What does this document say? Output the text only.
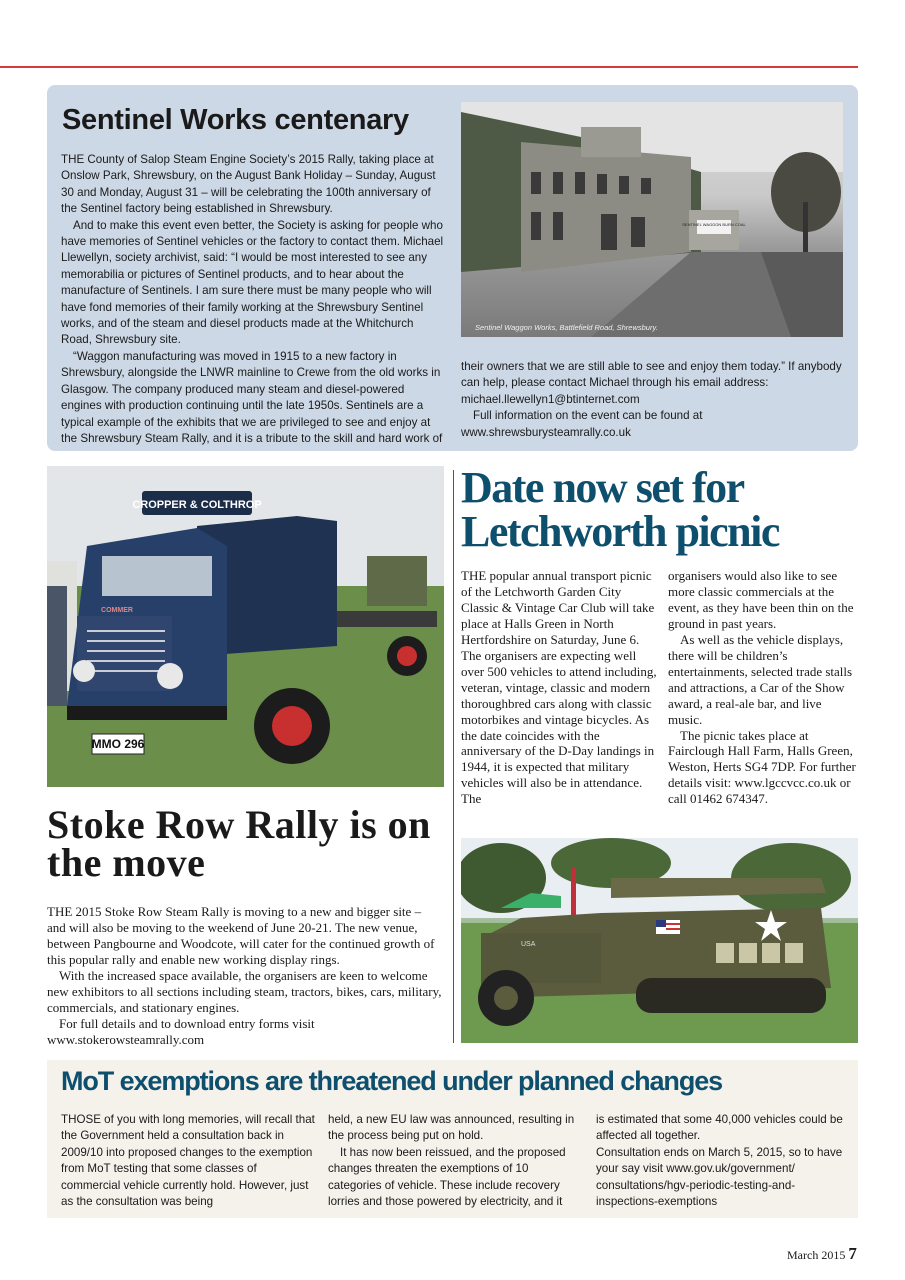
Sentinel Works centenary

THE County of Salop Steam Engine Society’s 2015 Rally, taking place at Onslow Park, Shrewsbury, on the August Bank Holiday – Sunday, August 30 and Monday, August 31 – will be celebrating the 100th anniversary of the Sentinel factory being established in Shrewsbury.

And to make this event even better, the Society is asking for people who have memories of Sentinel vehicles or the factory to contact them. Michael Llewellyn, society archivist, said: “I would be most interested to see any memorabilia or pictures of Sentinel products, and to hear about the manufacture of Sentinels. I am sure there must be many people who will have fond memories of their family working at the Shrewsbury Sentinel works, and of the steam and diesel products made at the Whitchurch Road, Shrewsbury site.

“Waggon manufacturing was moved in 1915 to a new factory in Shrewsbury, alongside the LNWR mainline to Crewe from the old works in Glasgow. The company produced many steam and diesel-powered engines with production continuing until the late 1950s. Sentinels are a typical example of the exhibits that we are privileged to see and enjoy at the Shrewsbury Steam Rally, and it is a tribute to the skill and hard work of

SENTINEL WAGGON BURN COAL
Sentinel Waggon Works, Battlefield Road, Shrewsbury.

their owners that we are still able to see and enjoy them today.” If anybody can help, please contact Michael through his email address: michael.llewellyn1@btinternet.com

Full information on the event can be found at www.shrewsburysteamrally.co.uk

CROPPER & COLTHROP
COMMER
MMO 296
Date now set for Letchworth picnic

THE popular annual transport picnic of the Letchworth Garden City Classic & Vintage Car Club will take place at Halls Green in North Hertfordshire on Saturday, June 6. The organisers are expecting well over 500 vehicles to attend including, veteran, vintage, classic and modern thoroughbred cars along with classic motorbikes and vintage bicycles. As the date coincides with the anniversary of the D-Day landings in 1944, it is expected that military vehicles will also be in attendance. The

organisers would also like to see more classic commercials at the event, as they have been thin on the ground in past years.

As well as the vehicle displays, there will be children’s entertainments, selected trade stalls and attractions, a Car of the Show award, a real-ale bar, and live music.

The picnic takes place at Fairclough Hall Farm, Halls Green, Weston, Herts SG4 7DP. For further details visit: www.lgccvcc.co.uk or call 01462 674347.

Stoke Row Rally is on the move

THE 2015 Stoke Row Steam Rally is moving to a new and bigger site – and will also be moving to the weekend of June 20-21. The new venue, between Pangbourne and Woodcote, will cater for the continued growth of this popular rally and enable new working display rings.

With the increased space available, the organisers are keen to welcome new exhibitors to all sections including steam, tractors, bikes, cars, military, commercials, and stationary engines.

For full details and to download entry forms visit www.stokerowsteamrally.com

USA
MoT exemptions are threatened under planned changes

THOSE of you with long memories, will recall that the Government held a consultation back in 2009/10 into proposed changes to the exemption from MoT testing that some classes of commercial vehicle currently hold. However, just as the consultation was being

held, a new EU law was announced, resulting in the process being put on hold.

It has now been reissued, and the proposed changes threaten the exemptions of 10 categories of vehicle. These include recovery lorries and those powered by electricity, and it

is estimated that some 40,000 vehicles could be affected all together.

Consultation ends on March 5, 2015, so to have your say visit www.gov.uk/government/ consultations/hgv-periodic-testing-and-inspections-exemptions

March 2015 7
